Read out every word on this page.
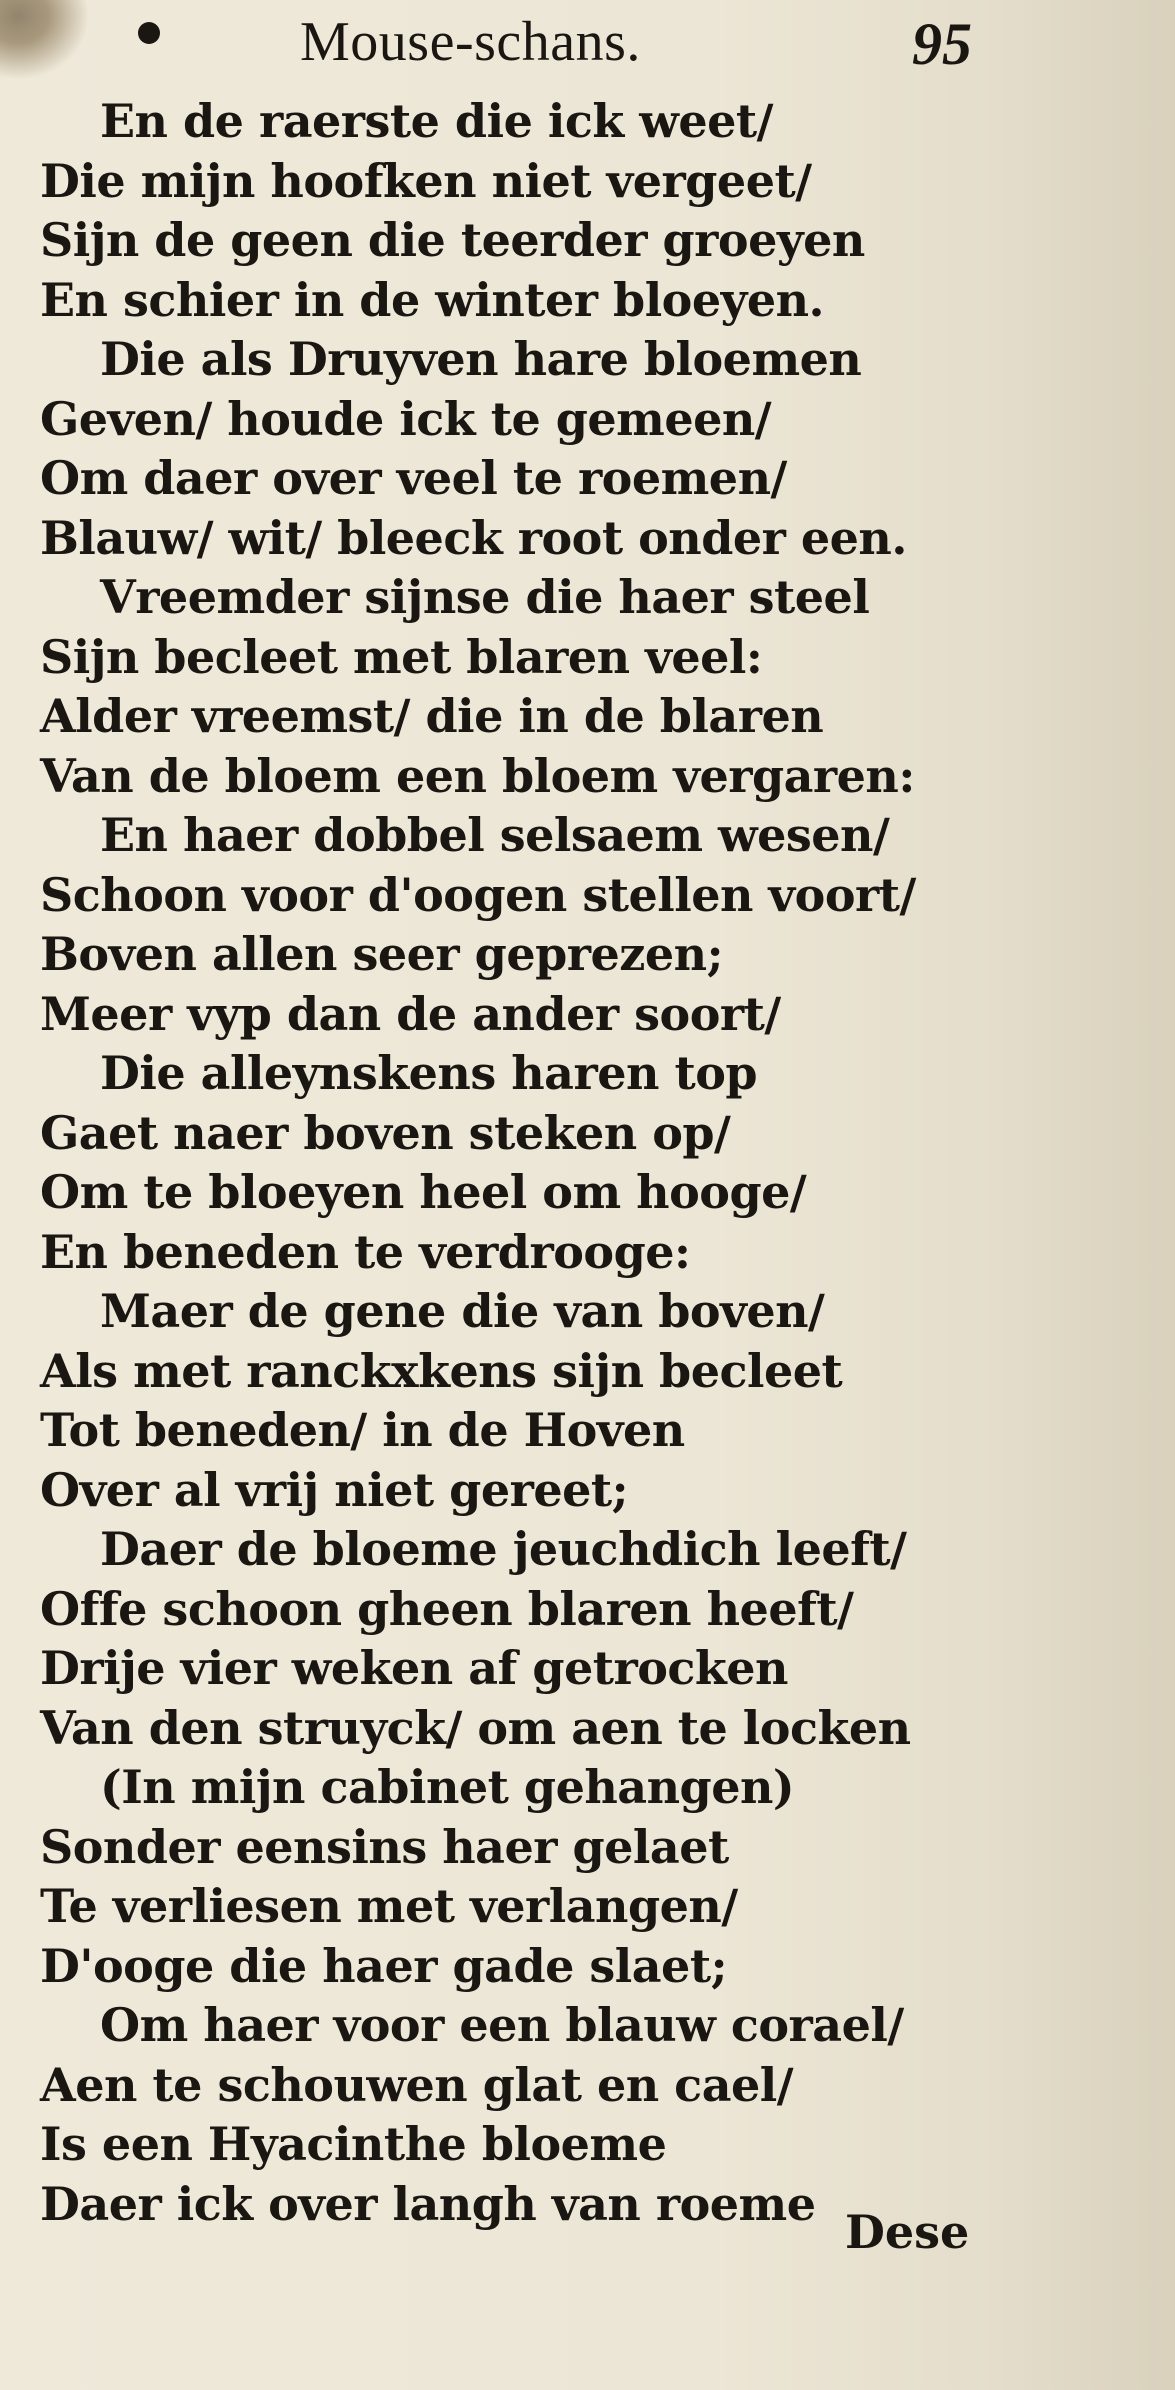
Mouse-schans.	95
En de raerste die ick weet/
Die mijn hoofken niet vergeet/
Sijn de geen die teerder groeyen
En schier in de winter bloeyen.
Die als Druyven hare bloemen
Geven/ houde ick te gemeen/
Om daer over veel te roemen/
Blauw/ wit/ bleeck root onder een.
Vreemder sijnse die haer steel
Sijn becleet met blaren veel:
Alder vreemst/ die in de blaren
Van de bloem een bloem vergaren:
En haer dobbel selsaem wesen/
Schoon voor d'oogen stellen voort/
Boven allen seer geprezen;
Meer vyp dan de ander soort/
Die alleynskens haren top
Gaet naer boven steken op/
Om te bloeyen heel om hooge/
En beneden te verdrooge:
Maer de gene die van boven/
Als met ranckxkens sijn becleet
Tot beneden/ in de Hoven
Over al vrij niet gereet;
Daer de bloeme jeuchdich leeft/
Offe schoon gheen blaren heeft/
Drije vier weken af getrocken
Van den struyck/ om aen te locken
(In mijn cabinet gehangen)
Sonder eensins haer gelaet
Te verliesen met verlangen/
D'ooge die haer gade slaet;
Om haer voor een blauw corael/
Aen te schouwen glat en cael/
Is een Hyacinthe bloeme
Daer ick over langh van roeme
Dese
